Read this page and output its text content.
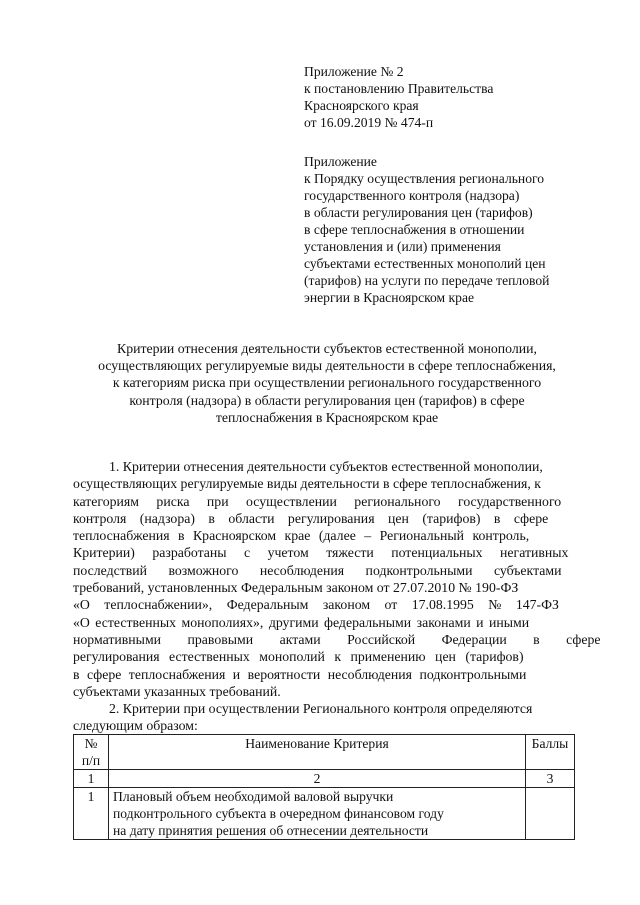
Приложение № 2
к постановлению Правительства
Красноярского края
от 16.09.2019 № 474-п
Приложение
к Порядку осуществления регионального
государственного контроля (надзора)
в области регулирования цен (тарифов)
в сфере теплоснабжения в отношении
установления и (или) применения
субъектами естественных монополий цен
(тарифов) на услуги по передаче тепловой
энергии в Красноярском крае
Критерии отнесения деятельности субъектов естественной монополии,
осуществляющих регулируемые виды деятельности в сфере теплоснабжения,
к категориям риска при осуществлении регионального государственного
контроля (надзора) в области регулирования цен (тарифов) в сфере
теплоснабжения в Красноярском крае
1. Критерии отнесения деятельности субъектов естественной монополии,
осуществляющих регулируемые виды деятельности в сфере теплоснабжения, к
категориям риска при осуществлении регионального государственного
контроля (надзора) в области регулирования цен (тарифов) в сфере
теплоснабжения в Красноярском крае (далее – Региональный контроль,
Критерии) разработаны с учетом тяжести потенциальных негативных
последствий возможного несоблюдения подконтрольными субъектами
требований, установленных Федеральным законом от 27.07.2010 № 190-ФЗ
«О теплоснабжении», Федеральным законом от 17.08.1995 № 147-ФЗ
«О естественных монополиях», другими федеральными законами и иными
нормативными правовыми актами Российской Федерации в сфере
регулирования естественных монополий к применению цен (тарифов)
в сфере теплоснабжения и вероятности несоблюдения подконтрольными
субъектами указанных требований.
2. Критерии при осуществлении Регионального контроля определяются
следующим образом:
№ п/п	Наименование Критерия	Баллы
1	2	3
1	Плановый объем необходимой валовой выручки
подконтрольного субъекта в очередном финансовом году
на дату принятия решения об отнесении деятельности	
